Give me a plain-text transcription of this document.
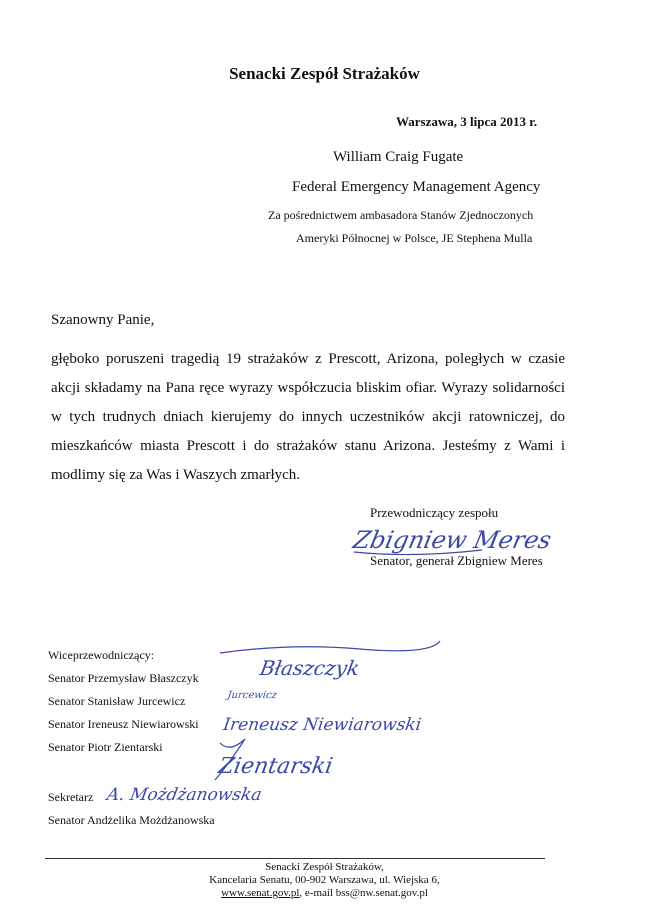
Senacki Zespół Strażaków
Warszawa, 3 lipca 2013 r.
William Craig Fugate
Federal Emergency Management Agency
Za pośrednictwem ambasadora Stanów Zjednoczonych
Ameryki Północnej w Polsce, JE Stephena Mulla
Szanowny Panie,
głęboko poruszeni tragedią 19 strażaków z Prescott, Arizona, poległych w czasie akcji składamy na Pana ręce wyrazy współczucia bliskim ofiar. Wyrazy solidarności w tych trudnych dniach kierujemy do innych uczestników akcji ratowniczej, do mieszkańców miasta Prescott i do strażaków stanu Arizona. Jesteśmy z Wami i modlimy się za Was i Waszych zmarłych.
Przewodniczący zespołu
Zbigniew Meres
Senator, generał Zbigniew Meres
Wiceprzewodniczący:
Senator Przemysław Błaszczyk
Senator Stanisław Jurcewicz
Senator Ireneusz Niewiarowski
Senator Piotr Zientarski
Błaszczyk
Jurcewicz
Ireneusz Niewiarowski
Zientarski
Sekretarz
Senator Andżelika Możdżanowska
A. Możdżanowska
Senacki Zespół Strażaków,
Kancelaria Senatu, 00-902 Warszawa, ul. Wiejska 6,
www.senat.gov.pl, e-mail bss@nw.senat.gov.pl
